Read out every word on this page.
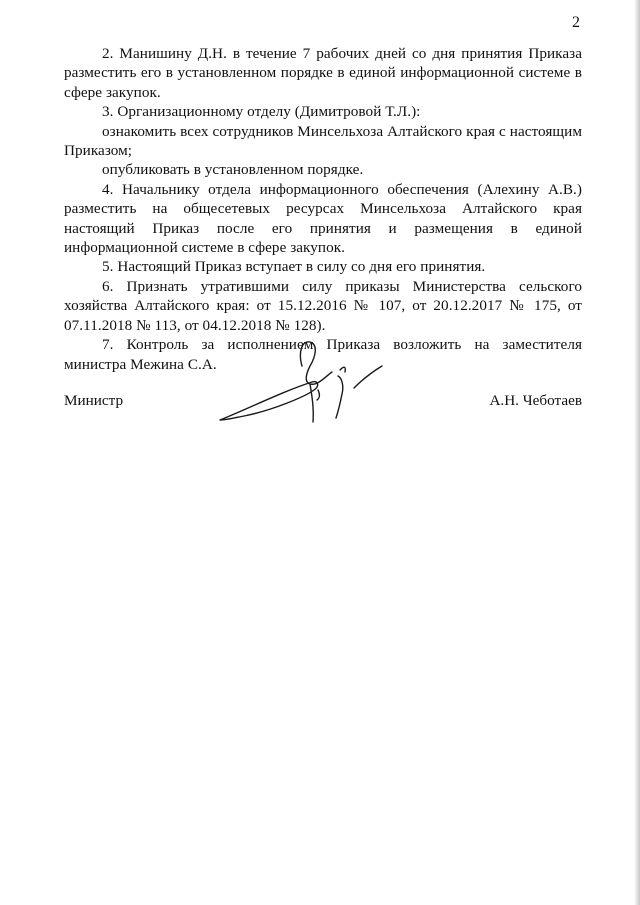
2

2. Манишину Д.Н. в течение 7 рабочих дней со дня принятия Приказа разместить его в установленном порядке в единой информационной системе в сфере закупок.

3. Организационному отделу (Димитровой Т.Л.):

ознакомить всех сотрудников Минсельхоза Алтайского края с настоящим Приказом;

опубликовать в установленном порядке.

4. Начальнику отдела информационного обеспечения (Алехину А.В.) разместить на общесетевых ресурсах Минсельхоза Алтайского края настоящий Приказ после его принятия и размещения в единой информационной системе в сфере закупок.

5. Настоящий Приказ вступает в силу со дня его принятия.

6. Признать утратившими силу приказы Министерства сельского хозяйства Алтайского края: от 15.12.2016 № 107, от 20.12.2017 № 175, от 07.11.2018 № 113, от 04.12.2018 № 128).

7. Контроль за исполнением Приказа возложить на заместителя министра Межина С.А.

Министр	А.Н. Чеботаев
